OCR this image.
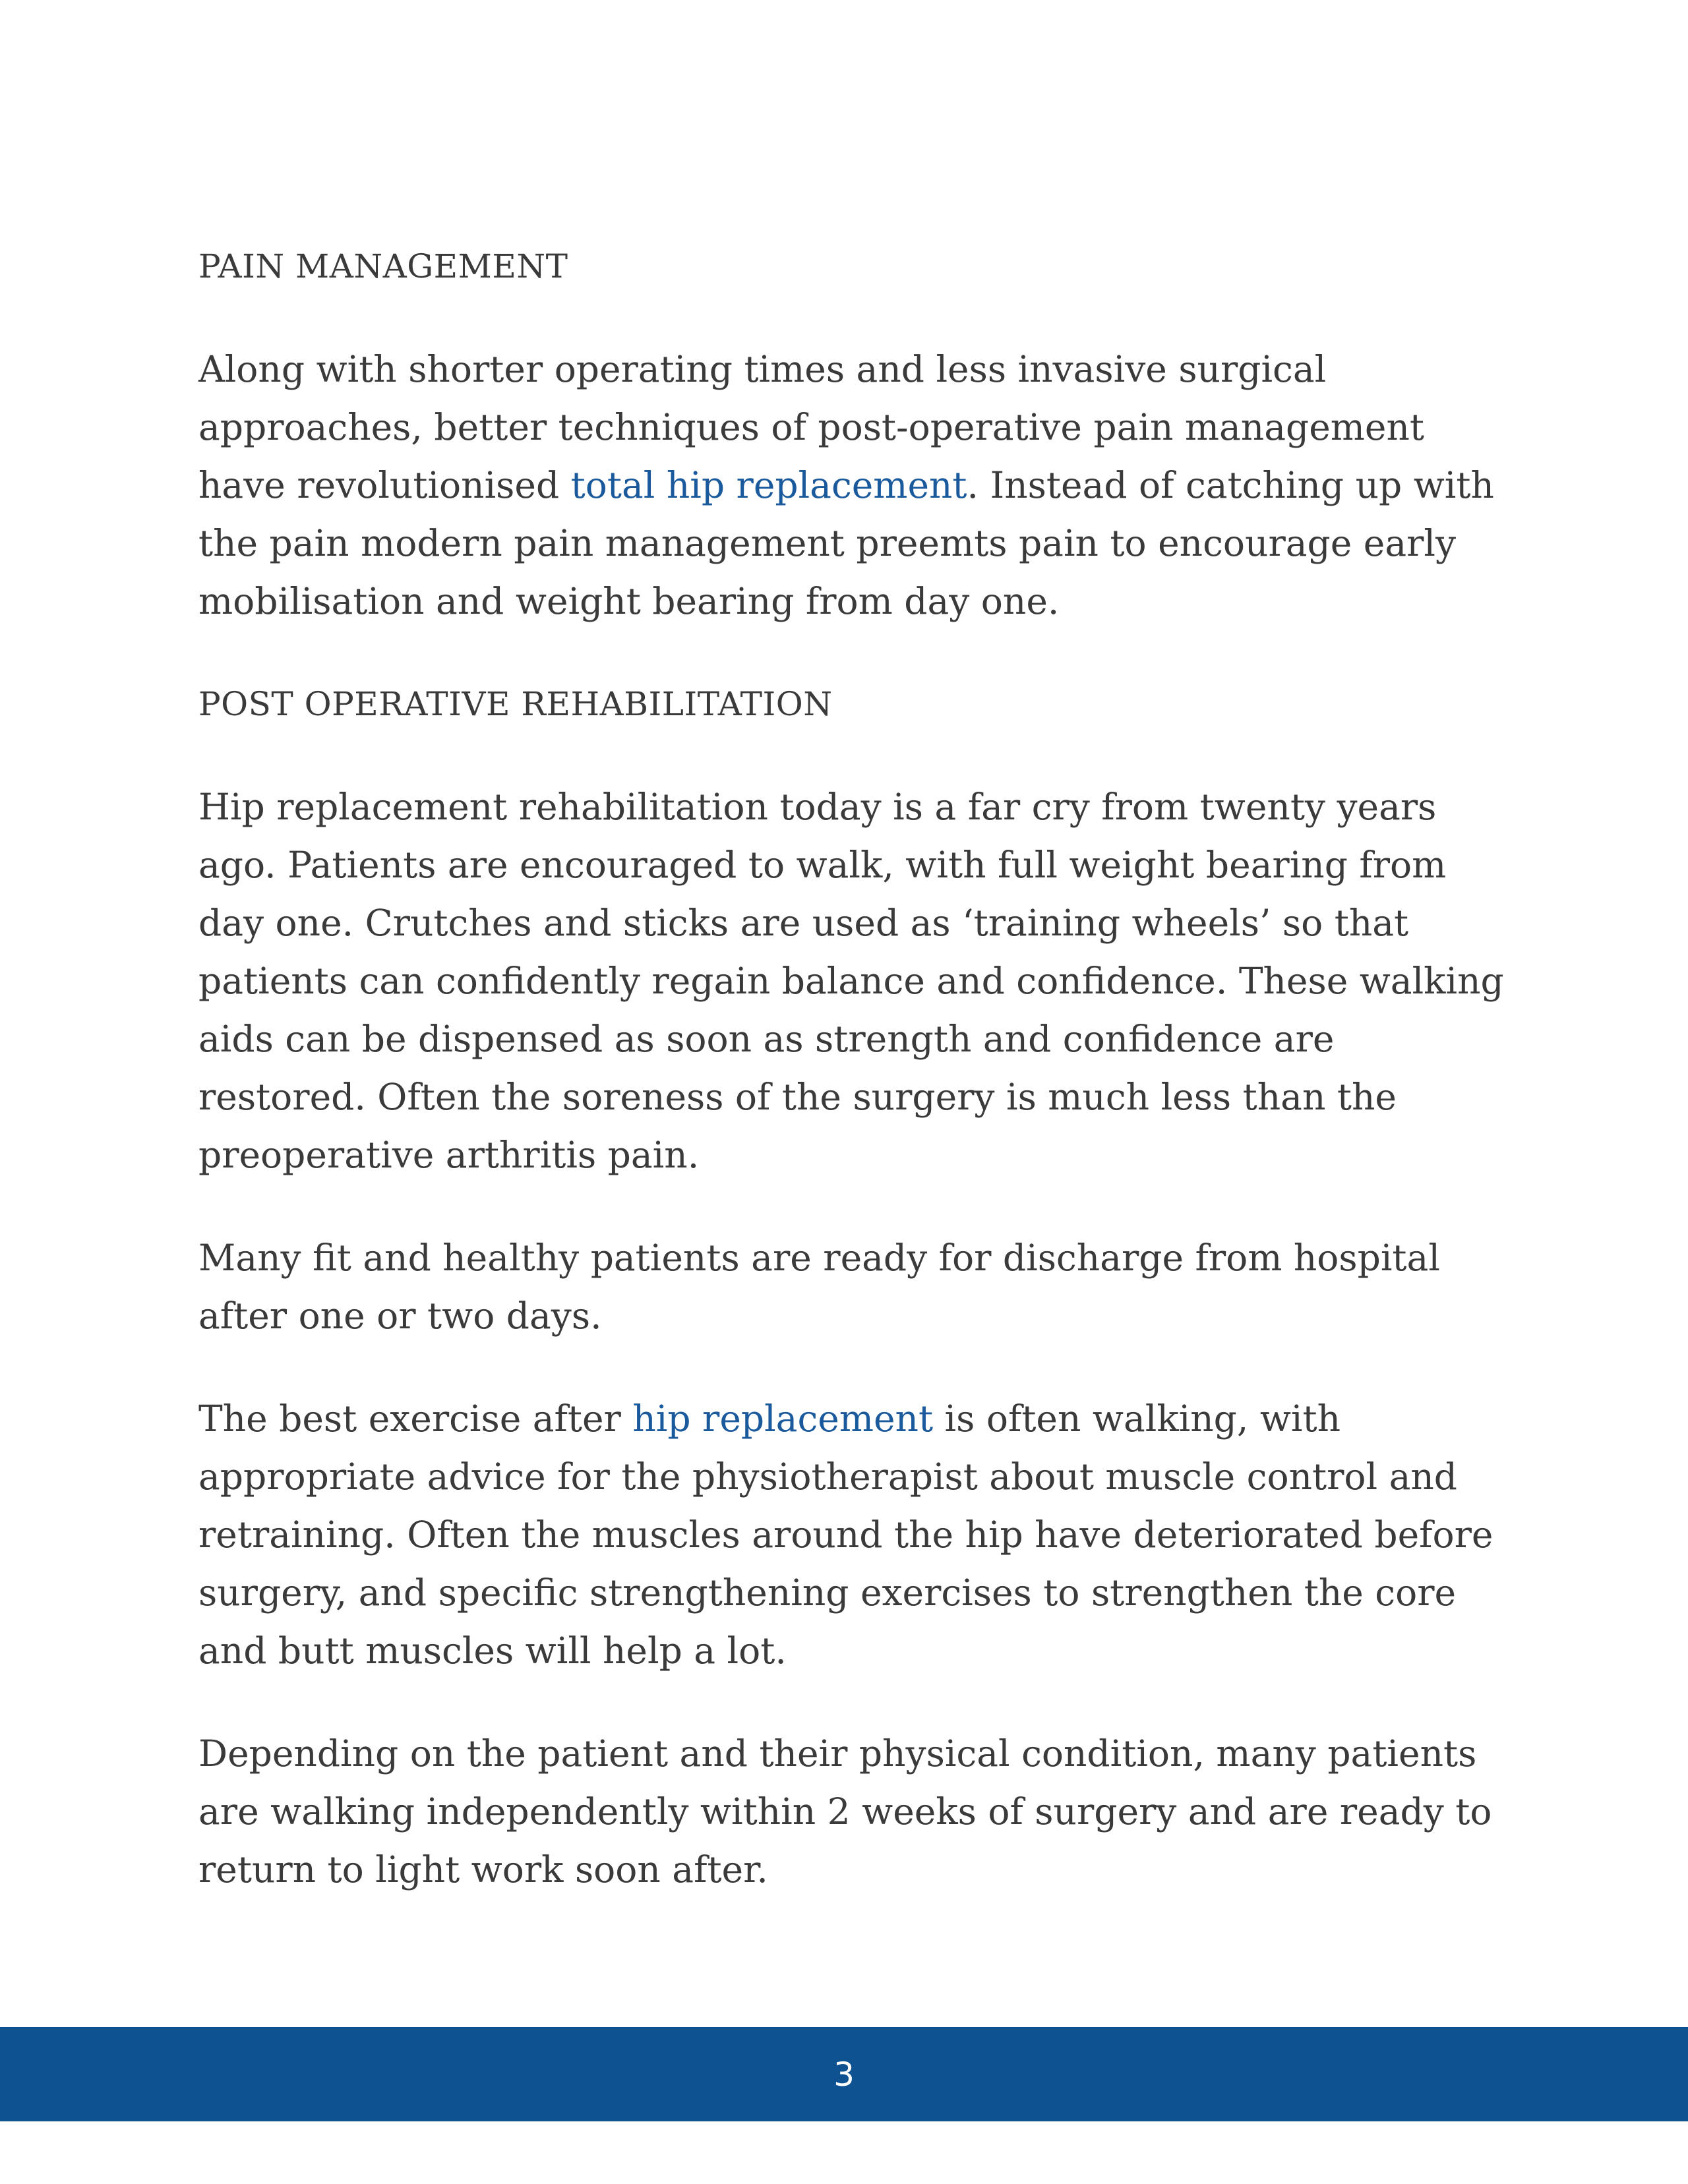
PAIN MANAGEMENT

Along with shorter operating times and less invasive surgical approaches, better techniques of post-operative pain management have revolutionised total hip replacement. Instead of catching up with the pain modern pain management preemts pain to encourage early mobilisation and weight bearing from day one.

POST OPERATIVE REHABILITATION

Hip replacement rehabilitation today is a far cry from twenty years ago. Patients are encouraged to walk, with full weight bearing from day one. Crutches and sticks are used as ‘training wheels’ so that patients can confidently regain balance and confidence. These walking aids can be dispensed as soon as strength and confidence are restored. Often the soreness of the surgery is much less than the preoperative arthritis pain.

Many fit and healthy patients are ready for discharge from hospital after one or two days.

The best exercise after hip replacement is often walking, with appropriate advice for the physiotherapist about muscle control and retraining. Often the muscles around the hip have deteriorated before surgery, and specific strengthening exercises to strengthen the core and butt muscles will help a lot.

Depending on the patient and their physical condition, many patients are walking independently within 2 weeks of surgery and are ready to return to light work soon after.

3
